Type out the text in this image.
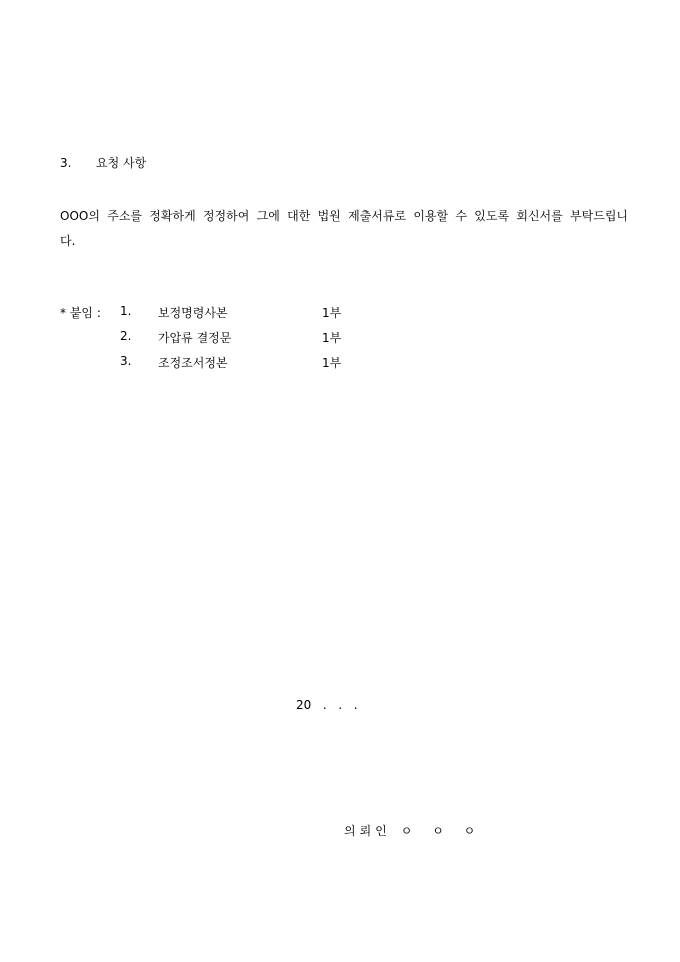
3. 요청 사항
OOO의 주소를 정확하게 정정하여 그에 대한 법원 제출서류로 이용할 수 있도록 회신서를 부탁드립니다.
* 붙임 : 1. 보정명령사본	1부
2. 가압류 결정문	1부
3. 조정조서정본	1부
20  .  .  .
의뢰인 ㅇ ㅇ ㅇ
